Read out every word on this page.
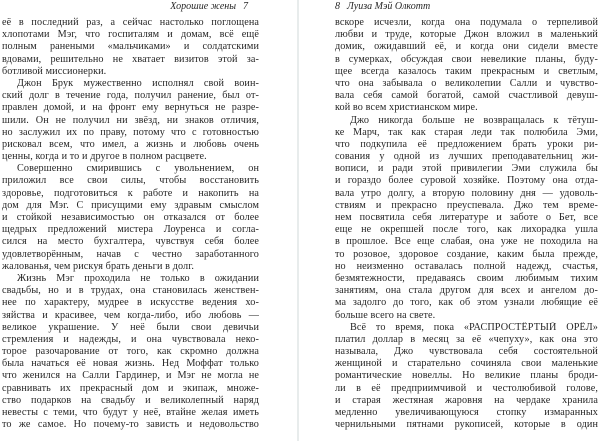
Хорошие жены 7
её в последний раз, а сейчас настолько поглощена
хлопотами Мэг, что госпиталям и домам, всё ещё
полным ранеными «мальчиками» и солдатскими
вдовами, решительно не хватает визитов этой за-
ботливой миссионерки.
Джон Брук мужественно исполнял свой воин-
ский долг в течение года, получил ранение, был от-
правлен домой, и на фронт ему вернуться не разре-
шили. Он не получил ни звёзд, ни знаков отличия,
но заслужил их по праву, потому что с готовностью
рисковал всем, что имел, а жизнь и любовь очень
ценны, когда и то и другое в полном расцвете.
Совершенно смирившись с увольнением, он
приложил все свои силы, чтобы восстановить
здоровье, подготовиться к работе и накопить на
дом для Мэг. С присущими ему здравым смыслом
и стойкой независимостью он отказался от более
щедрых предложений мистера Лоуренса и согла-
сился на место бухгалтера, чувствуя себя более
удовлетворённым, начав с честно заработанного
жалованья, чем рискуя брать деньги в долг.
Жизнь Мэг проходила не только в ожидании
свадьбы, но и в трудах, она становилась женствен-
нее по характеру, мудрее в искусстве ведения хо-
зяйства и красивее, чем когда-либо, ибо любовь —
великое украшение. У неё были свои девичьи
стремления и надежды, и она чувствовала неко-
торое разочарование от того, как скромно должна
была начаться её новая жизнь. Нед Моффат только
что женился на Салли Гардинер, и Мэг не могла не
сравнивать их прекрасный дом и экипаж, множе-
ство подарков на свадьбу и великолепный наряд
невесты с теми, что будут у неё, втайне желая иметь
то же самое. Но почему-то зависть и недовольство
8 Луиза Мэй Олкотт
вскоре исчезли, когда она подумала о терпеливой
любви и труде, которые Джон вложил в маленький
домик, ожидавший её, и когда они сидели вместе
в сумерках, обсуждая свои невеликие планы, буду-
щее всегда казалось таким прекрасным и светлым,
что она забывала о великолепии Салли и чувство-
вала себя самой богатой, самой счастливой девуш-
кой во всем христианском мире.
Джо никогда больше не возвращалась к тётуш-
ке Марч, так как старая леди так полюбила Эми,
что подкупила её предложением брать уроки ри-
сования у одной из лучших преподавательниц жи-
вописи, и ради этой привилегии Эми служила бы
и гораздо более суровой хозяйке. Поэтому она отда-
вала утро долгу, а вторую половину дня — удоволь-
ствиям и прекрасно преуспевала. Джо тем време-
нем посвятила себя литературе и заботе о Бет, все
еще не окрепшей после того, как лихорадка ушла
в прошлое. Все еще слабая, она уже не походила на
то розовое, здоровое создание, каким была прежде,
но неизменно оставалась полной надежд, счастья,
безмятежности, предаваясь своим любимым тихим
занятиям, она стала другом для всех и ангелом до-
ма задолго до того, как об этом узнали любящие её
больше всего на свете.
Всё то время, пока «РАСПРОСТЁРТЫЙ ОРЁЛ»
платил доллар в месяц за её «чепуху», как она это
называла, Джо чувствовала себя состоятельной
женщиной и старательно сочиняла свои маленькие
романтические новеллы. Но великие планы броди-
ли в её предприимчивой и честолюбивой голове,
и старая жестяная жаровня на чердаке хранила
медленно увеличивающуюся стопку измаранных
чернильными пятнами рукописей, которые в один
